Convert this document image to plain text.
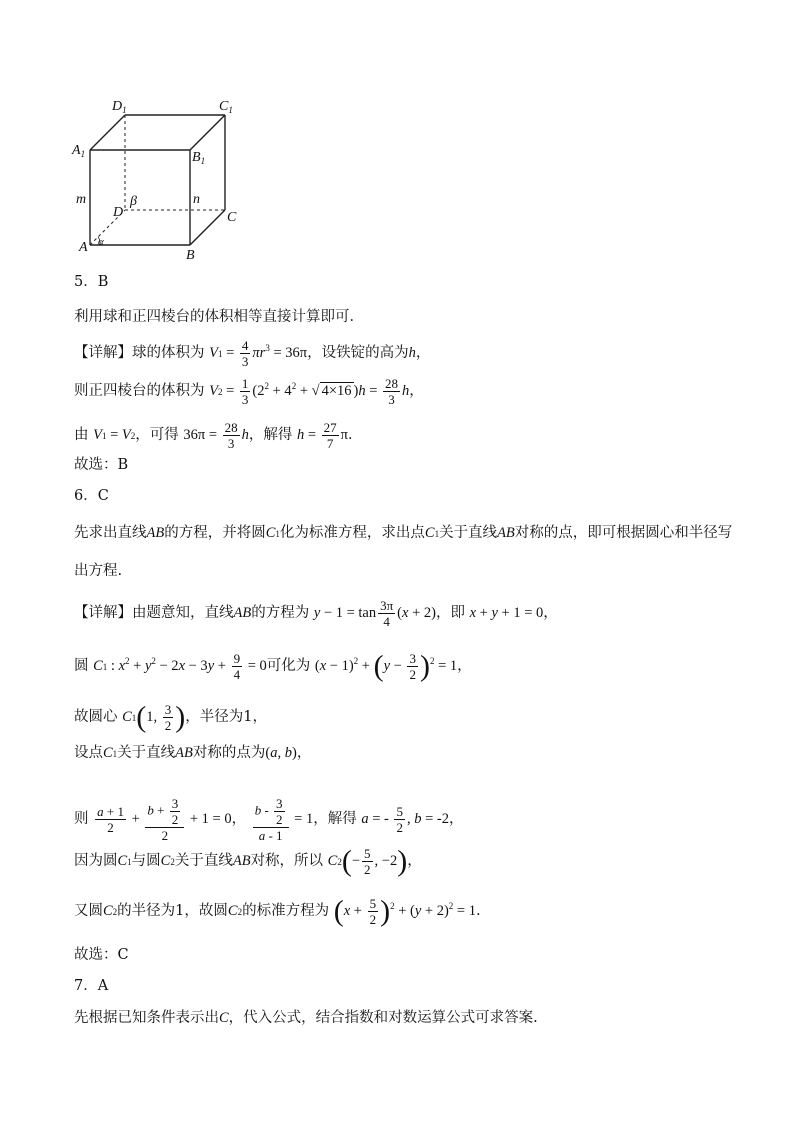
$D_1$	$C_1$
$A_1$	$B_1$
m	n
D
β
C
A α
B
5．B
利用球和正四棱台的体积相等直接计算即可．
【详解】球的体积为 $V1 = \frac{4}{3} \pi r^3 = 36\pi$，设铁锭的高为h，
则正四棱台的体积为 $V2 = \frac{1}{3} (2^2 + 4^2$ + √ 4×16 )$h = \frac{28}{3}$ h，
由 V1 = V2，可得 $36\pi = \frac{28}{3}$ h，解得 $h = \frac{27}{7}$ π．
故选：B
6．C
先求出直线AB的方程，并将圆C1化为标准方程，求出点C1关于直线AB对称的点，即可根据圆心和半径写
出方程.
【详解】由题意知，直线AB的方程为 $y - 1 = \tan \frac{3\pi}{4} (x + 2)$，即 x + y + 1 = 0，
圆 C1 : $x^2 + y^2 - 2x - 3y + \frac{9}{4} = 0$可化为 $(x - 1)^2 + (y - \frac{3}{2} )^2 = 1$，
故圆心 C1(1, $\frac{3}{2}$ )，半径为1，
设点C1关于直线AB对称的点为(a, b)，
则 $\frac{a + 1}{2} + \frac{b + \frac{3}{2}}{2} + 1 = 0$， $\frac{b - \frac{3}{2}}{a - 1} = 1$，解得 a = - $\frac{5}{2}$ , b = -2，
因为圆C1与圆C2关于直线AB对称，所以 $C2(- \frac{5}{2}$ , −2)，
又圆C2的半径为1，故圆C2的标准方程为 $(x + \frac{5}{2} )^2 + (y + 2)^2 = 1$.
故选：C
7．A
先根据已知条件表示出C，代入公式，结合指数和对数运算公式可求答案.
